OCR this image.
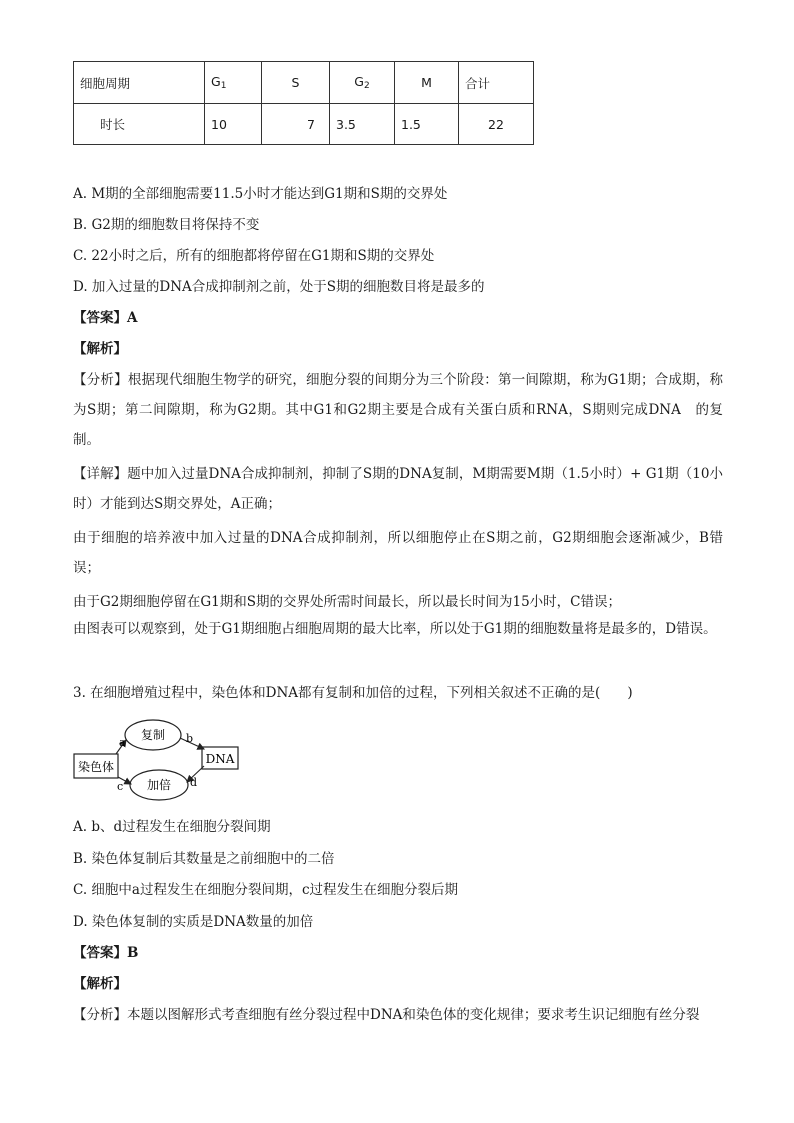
细胞周期	$G_1$	S	$G_2$	M	合计
时长	10	7	3.5	1.5	22
A. M期的全部细胞需要11.5小时才能达到G1期和S期的交界处
B. G2期的细胞数目将保持不变
C. 22小时之后，所有的细胞都将停留在G1期和S期的交界处
D. 加入过量的DNA合成抑制剂之前，处于S期的细胞数目将是最多的
【答案】A
【解析】
【分析】根据现代细胞生物学的研究，细胞分裂的间期分为三个阶段：第一间隙期，称为G1期；合成期，称为S期；第二间隙期，称为G2期。其中G1和G2期主要是合成有关蛋白质和RNA，S期则完成DNA　的复制。
【详解】题中加入过量DNA合成抑制剂，抑制了S期的DNA复制，M期需要M期（1.5小时）+ G1期（10小时）才能到达S期交界处，A正确；
由于细胞的培养液中加入过量的DNA合成抑制剂，所以细胞停止在S期之前，G2期细胞会逐渐减少，B错误；
由于G2期细胞停留在G1期和S期的交界处所需时间最长，所以最长时间为15小时，C错误；
由图表可以观察到，处于G1期细胞占细胞周期的最大比率，所以处于G1期的细胞数量将是最多的，D错误。
3. 在细胞增殖过程中，染色体和DNA都有复制和加倍的过程，下列相关叙述不正确的是(　　)
染色体
复制
加倍
DNA
a	b
c	d
A. b、d过程发生在细胞分裂间期
B. 染色体复制后其数量是之前细胞中的二倍
C. 细胞中a过程发生在细胞分裂间期，c过程发生在细胞分裂后期
D. 染色体复制的实质是DNA数量的加倍
【答案】B
【解析】
【分析】本题以图解形式考查细胞有丝分裂过程中DNA和染色体的变化规律；要求考生识记细胞有丝分裂
